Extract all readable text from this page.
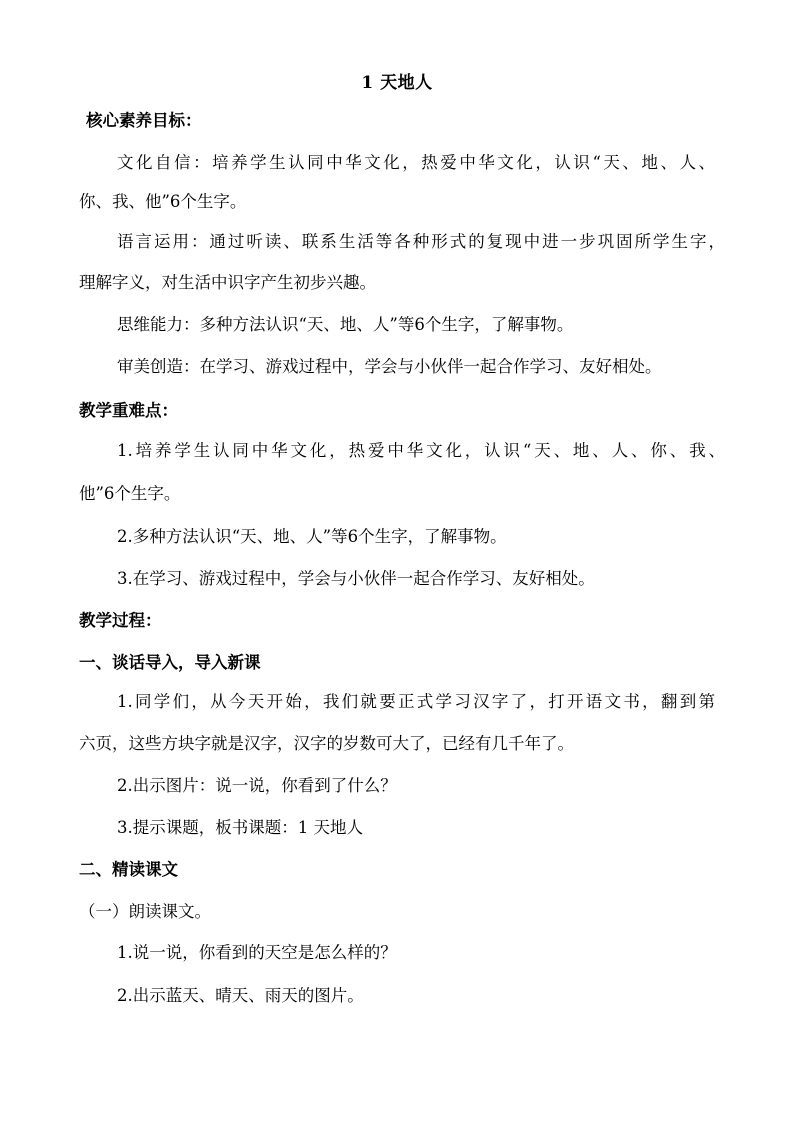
1 天地人
核心素养目标：
文化自信：培养学生认同中华文化，热爱中华文化，认识“天、地、人、
你、我、他”6个生字。
语言运用：通过听读、联系生活等各种形式的复现中进一步巩固所学生字，
理解字义，对生活中识字产生初步兴趣。
思维能力：多种方法认识“天、地、人”等6个生字，了解事物。
审美创造：在学习、游戏过程中，学会与小伙伴一起合作学习、友好相处。
教学重难点：
1.培养学生认同中华文化，热爱中华文化，认识“天、地、人、你、我、
他”6个生字。
2.多种方法认识“天、地、人”等6个生字，了解事物。
3.在学习、游戏过程中，学会与小伙伴一起合作学习、友好相处。
教学过程：
一、谈话导入，导入新课
1.同学们，从今天开始，我们就要正式学习汉字了，打开语文书，翻到第
六页，这些方块字就是汉字，汉字的岁数可大了，已经有几千年了。
2.出示图片：说一说，你看到了什么？
3.提示课题，板书课题：1 天地人
二、精读课文
（一）朗读课文。
1.说一说，你看到的天空是怎么样的？
2.出示蓝天、晴天、雨天的图片。
